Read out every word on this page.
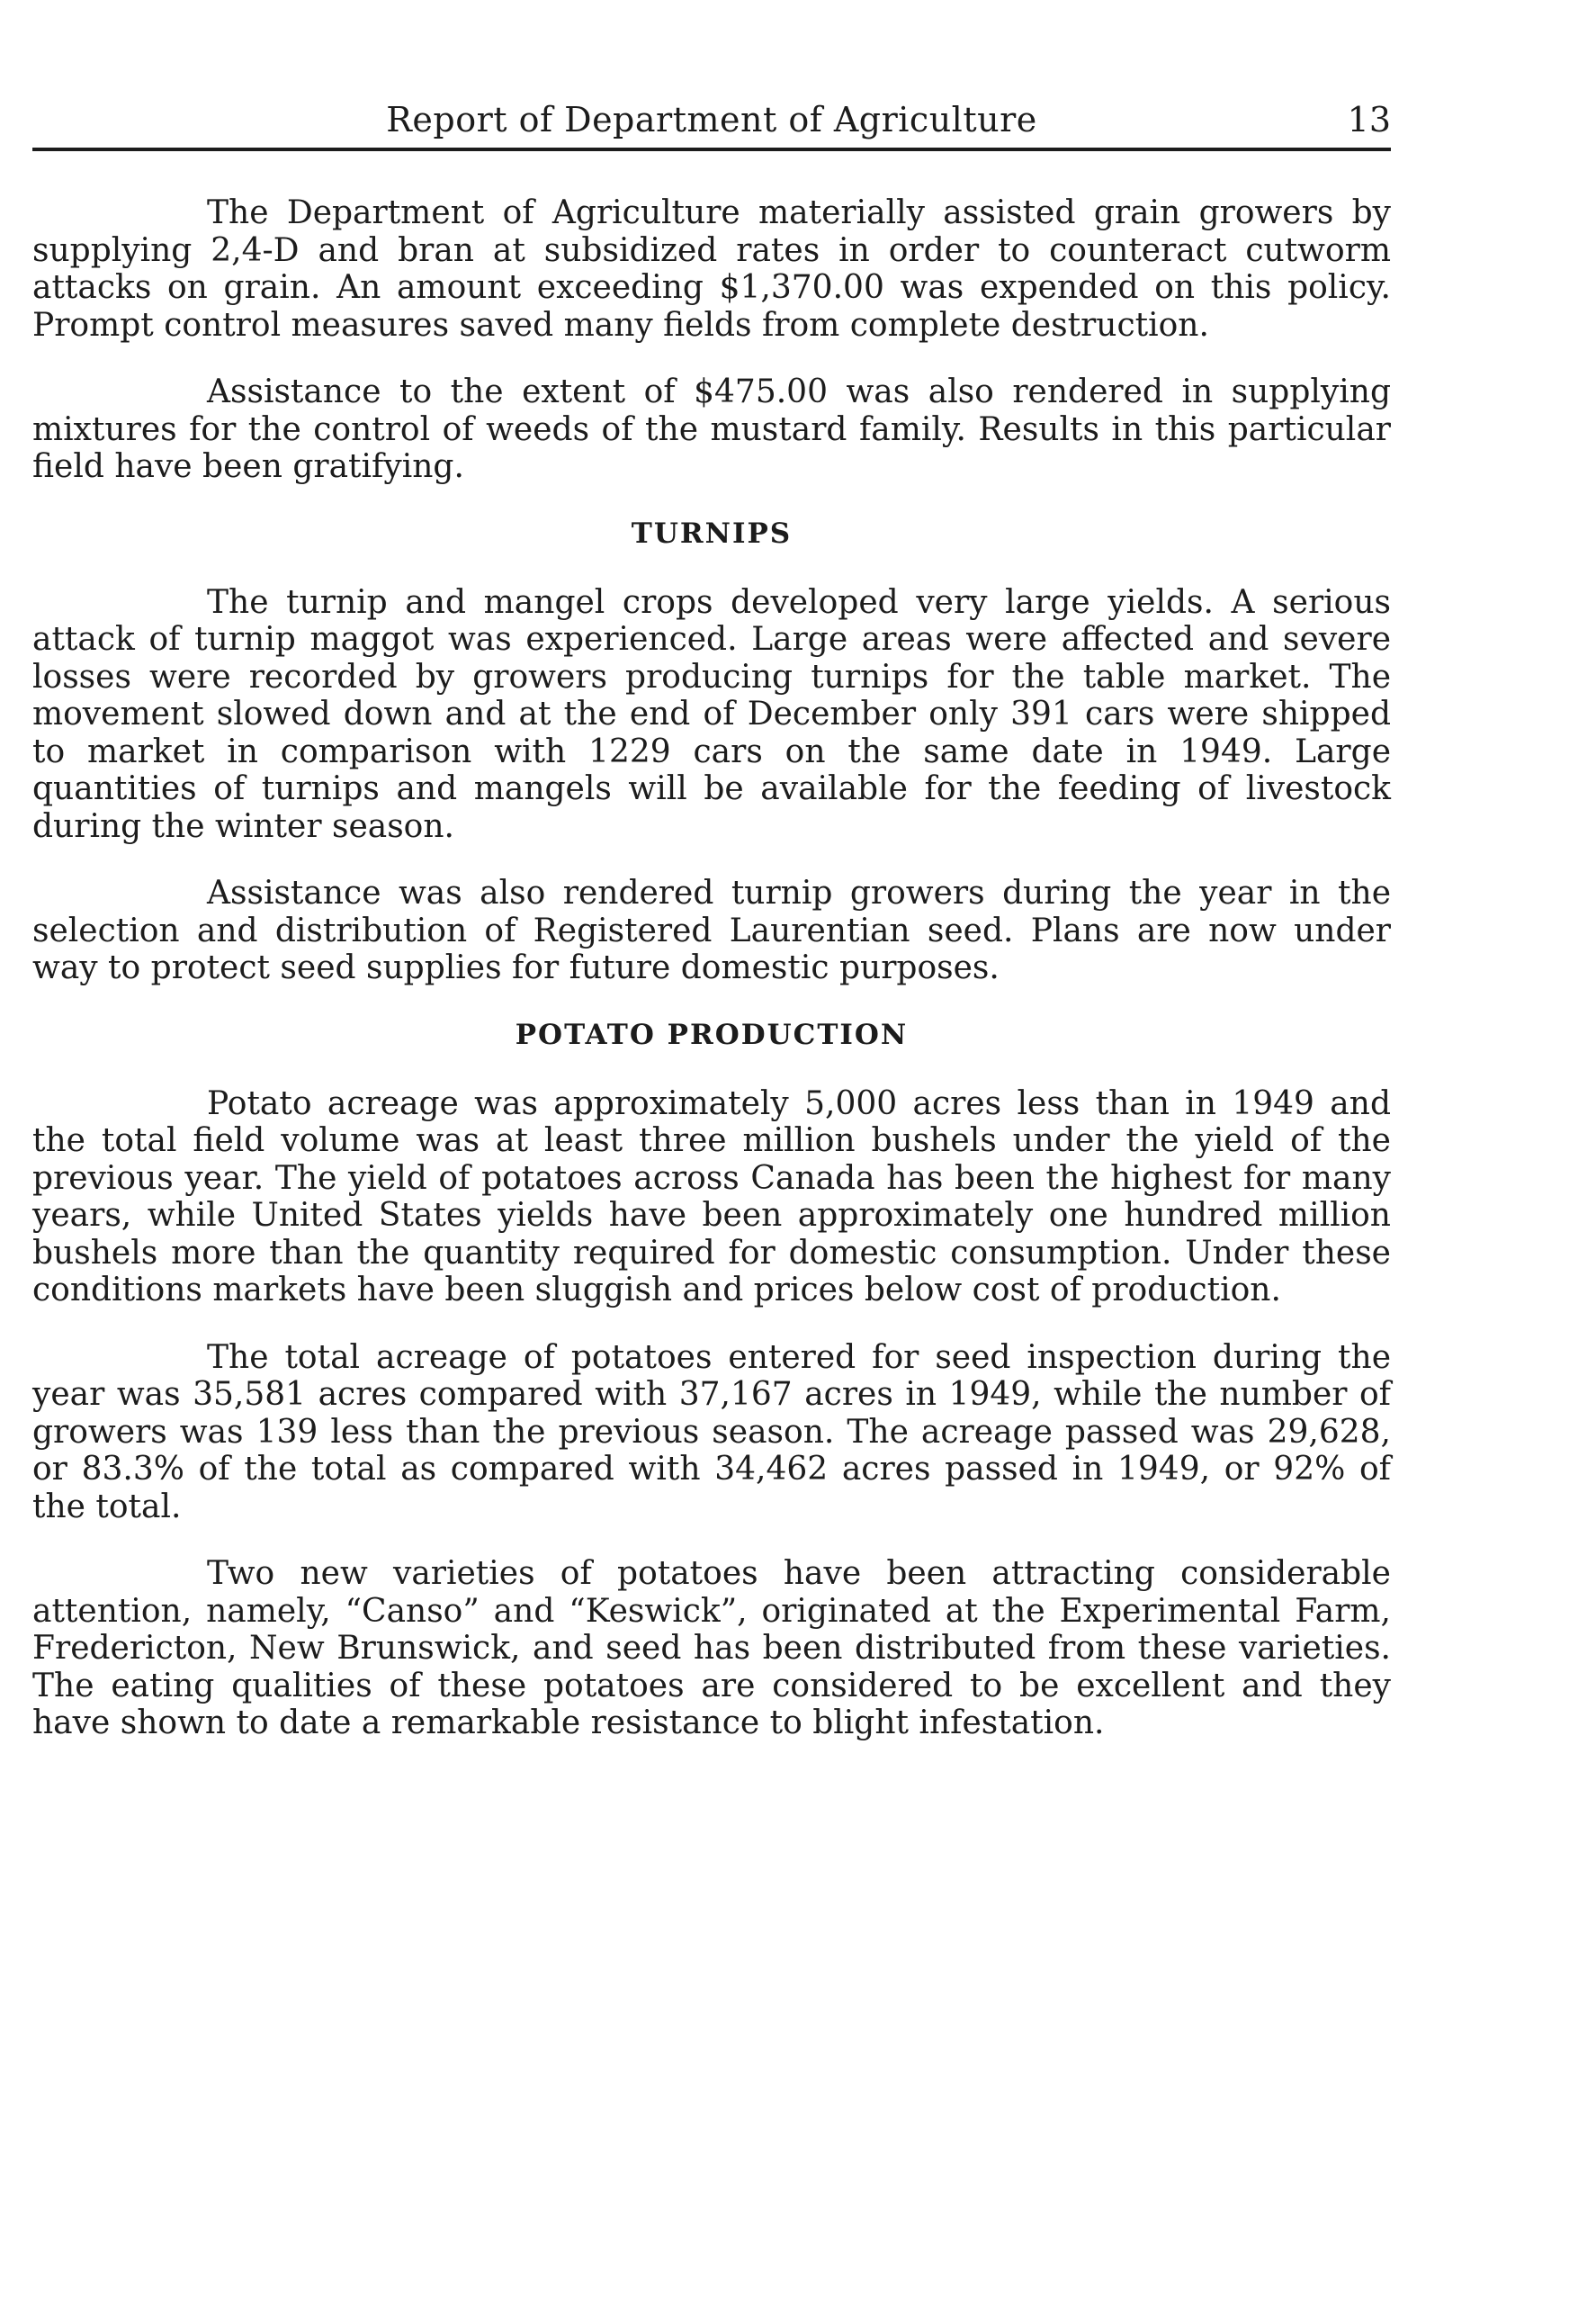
Report of Department of Agriculture	13

The Department of Agriculture materially assisted grain growers by supplying 2,4-D and bran at subsidized rates in order to counteract cutworm attacks on grain. An amount exceeding $1,370.00 was expended on this policy. Prompt control measures saved many fields from complete destruction.

Assistance to the extent of $475.00 was also rendered in supplying mixtures for the control of weeds of the mustard family. Results in this particular field have been gratifying.

TURNIPS

The turnip and mangel crops developed very large yields. A serious attack of turnip maggot was experienced. Large areas were affected and severe losses were recorded by growers producing turnips for the table market. The movement slowed down and at the end of December only 391 cars were shipped to market in comparison with 1229 cars on the same date in 1949. Large quantities of turnips and mangels will be available for the feeding of livestock during the winter season.

Assistance was also rendered turnip growers during the year in the selection and distribution of Registered Laurentian seed. Plans are now under way to protect seed supplies for future domestic purposes.

POTATO PRODUCTION

Potato acreage was approximately 5,000 acres less than in 1949 and the total field volume was at least three million bushels under the yield of the previous year. The yield of potatoes across Canada has been the highest for many years, while United States yields have been approximately one hundred million bushels more than the quantity required for domestic consumption. Under these conditions markets have been sluggish and prices below cost of production.

The total acreage of potatoes entered for seed inspection during the year was 35,581 acres compared with 37,167 acres in 1949, while the number of growers was 139 less than the previous season. The acreage passed was 29,628, or 83.3% of the total as compared with 34,462 acres passed in 1949, or 92% of the total.

Two new varieties of potatoes have been attracting considerable attention, namely, “Canso” and “Keswick”, originated at the Experimental Farm, Fredericton, New Brunswick, and seed has been distributed from these varieties. The eating qualities of these potatoes are considered to be excellent and they have shown to date a remarkable resistance to blight infestation.
